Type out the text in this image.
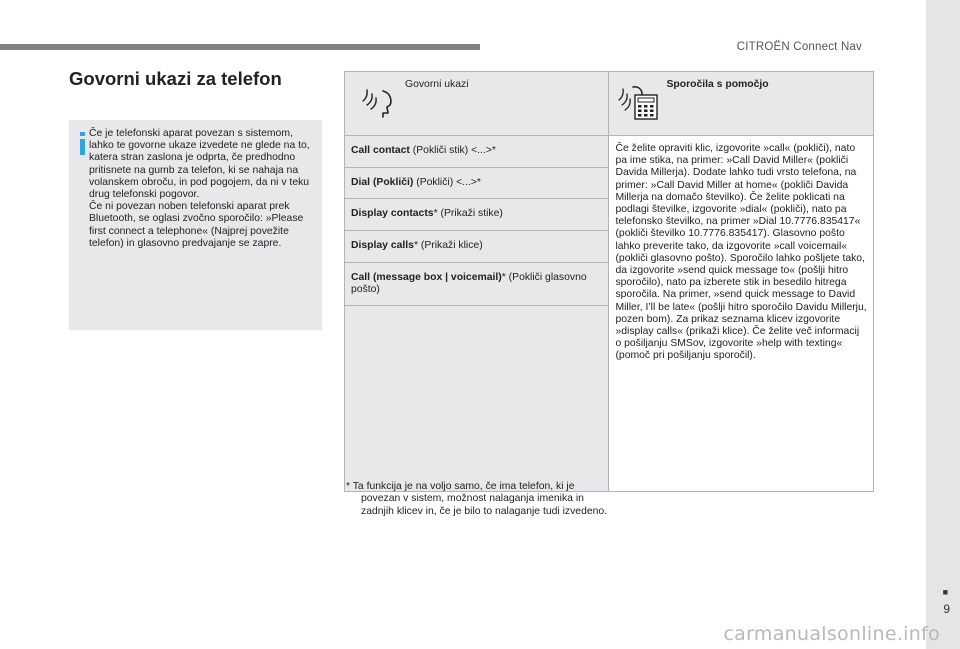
CITROËN Connect Nav
■
9
Govorni ukazi za telefon

Če je telefonski aparat povezan s sistemom, lahko te govorne ukaze izvedete ne glede na to, katera stran zaslona je odprta, če predhodno pritisnete na gumb za telefon, ki se nahaja na volanskem obroču, in pod pogojem, da ni v teku drug telefonski pogovor.

Če ni povezan noben telefonski aparat prek Bluetooth, se oglasi zvočno sporočilo: »Please first connect a telephone« (Najprej povežite telefon) in glasovno predvajanje se zapre.

Govorni ukazi	Sporočila s pomočjo

Call contact (Pokliči stik) <...>*	Če želite opraviti klic, izgovorite »call« (pokliči), nato pa ime stika, na primer: »Call David Miller« (pokliči Davida Millerja). Dodate lahko tudi vrsto telefona, na primer: »Call David Miller at home« (pokliči Davida Millerja na domačo številko). Če želite poklicati na podlagi številke, izgovorite »dial« (pokliči), nato pa telefonsko številko, na primer »Dial 10.7776.835417« (pokliči številko 10.7776.835417). Glasovno pošto lahko preverite tako, da izgovorite »call voicemail« (pokliči glasovno pošto). Sporočilo lahko pošljete tako, da izgovorite »send quick message to« (pošlji hitro sporočilo), nato pa izberete stik in besedilo hitrega sporočila. Na primer, »send quick message to David Miller, I’ll be late« (pošlji hitro sporočilo Davidu Millerju, pozen bom). Za prikaz seznama klicev izgovorite »display calls« (prikaži klice). Če želite več informacij o pošiljanju SMSov, izgovorite »help with texting« (pomoč pri pošiljanju sporočil).
Dial (Pokliči) (Pokliči) <...>*	
Display contacts* (Prikaži stike)	
Display calls* (Prikaži klice)	
Call (message box | voicemail)* (Pokliči glasovno pošto)	

* Ta funkcija je na voljo samo, če ima telefon, ki je povezan v sistem, možnost nalaganja imenika in zadnjih klicev in, če je bilo to nalaganje tudi izvedeno.
carmanualsonline.info
